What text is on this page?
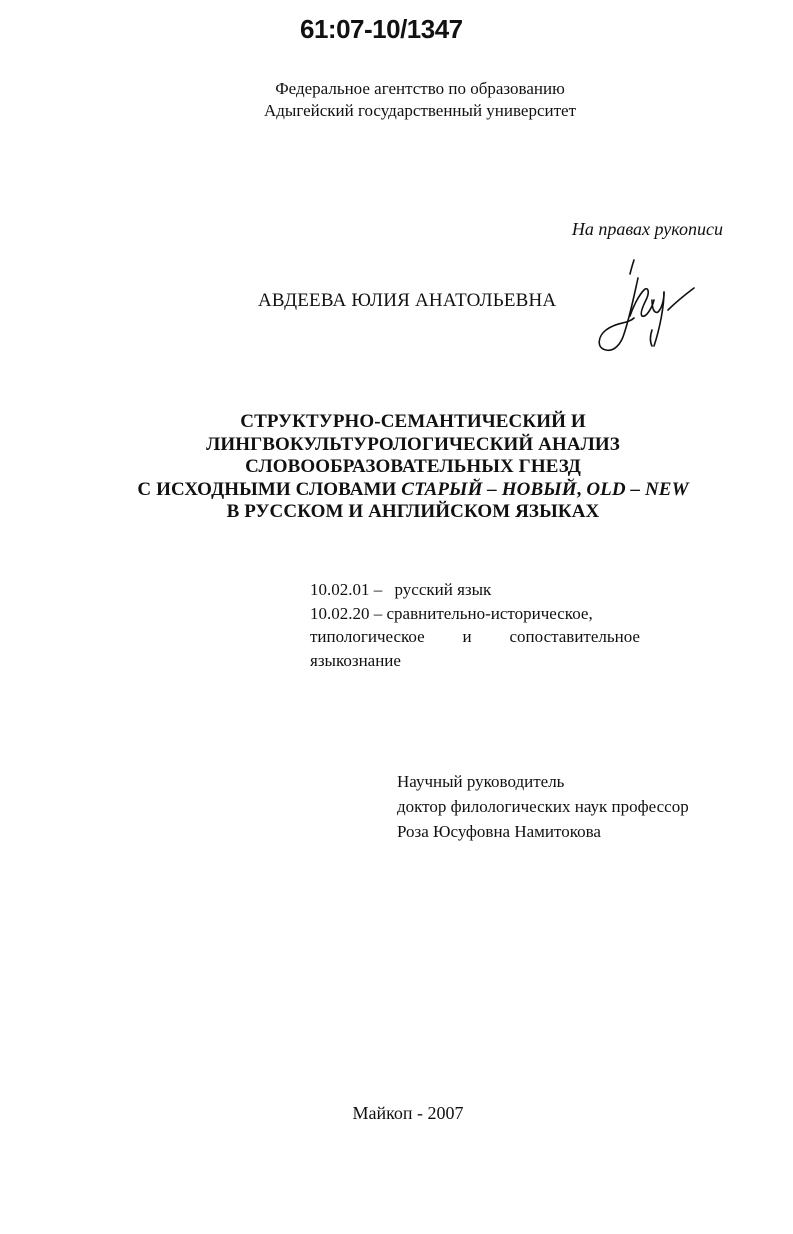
61:07-10/1347
Федеральное агентство по образованию
Адыгейский государственный университет
На правах рукописи
АВДЕЕВА ЮЛИЯ АНАТОЛЬЕВНА
СТРУКТУРНО-СЕМАНТИЧЕСКИЙ И
ЛИНГВОКУЛЬТУРОЛОГИЧЕСКИЙ АНАЛИЗ
СЛОВООБРАЗОВАТЕЛЬНЫХ ГНЕЗД
С ИСХОДНЫМИ СЛОВАМИ СТАРЫЙ – НОВЫЙ, OLD – NEW
В РУССКОМ И АНГЛИЙСКОМ ЯЗЫКАХ
10.02.01 – русский язык
10.02.20 – сравнительно-историческое,
типологическое и сопоставительное
языкознание
Научный руководитель
доктор филологических наук профессор
Роза Юсуфовна Намитокова
Майкоп - 2007
